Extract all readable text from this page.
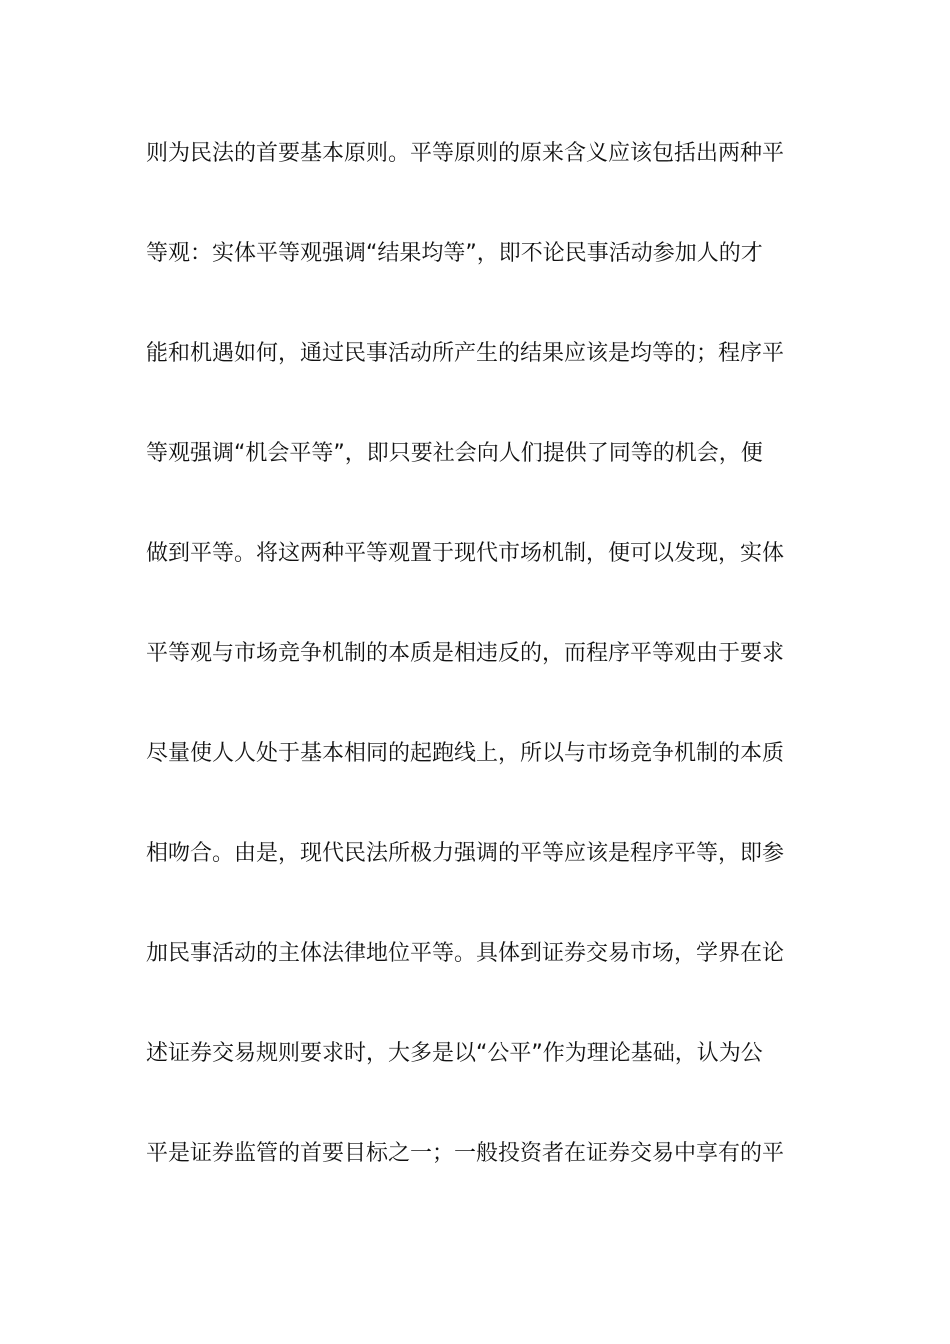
则为民法的首要基本原则。平等原则的原来含义应该包括出两种平
等观：实体平等观强调“结果均等”，即不论民事活动参加人的才
能和机遇如何，通过民事活动所产生的结果应该是均等的；程序平
等观强调“机会平等”，即只要社会向人们提供了同等的机会，便
做到平等。将这两种平等观置于现代市场机制，便可以发现，实体
平等观与市场竞争机制的本质是相违反的，而程序平等观由于要求
尽量使人人处于基本相同的起跑线上，所以与市场竞争机制的本质
相吻合。由是，现代民法所极力强调的平等应该是程序平等，即参
加民事活动的主体法律地位平等。具体到证券交易市场，学界在论
述证券交易规则要求时，大多是以“公平”作为理论基础，认为公
平是证券监管的首要目标之一；一般投资者在证券交易中享有的平
